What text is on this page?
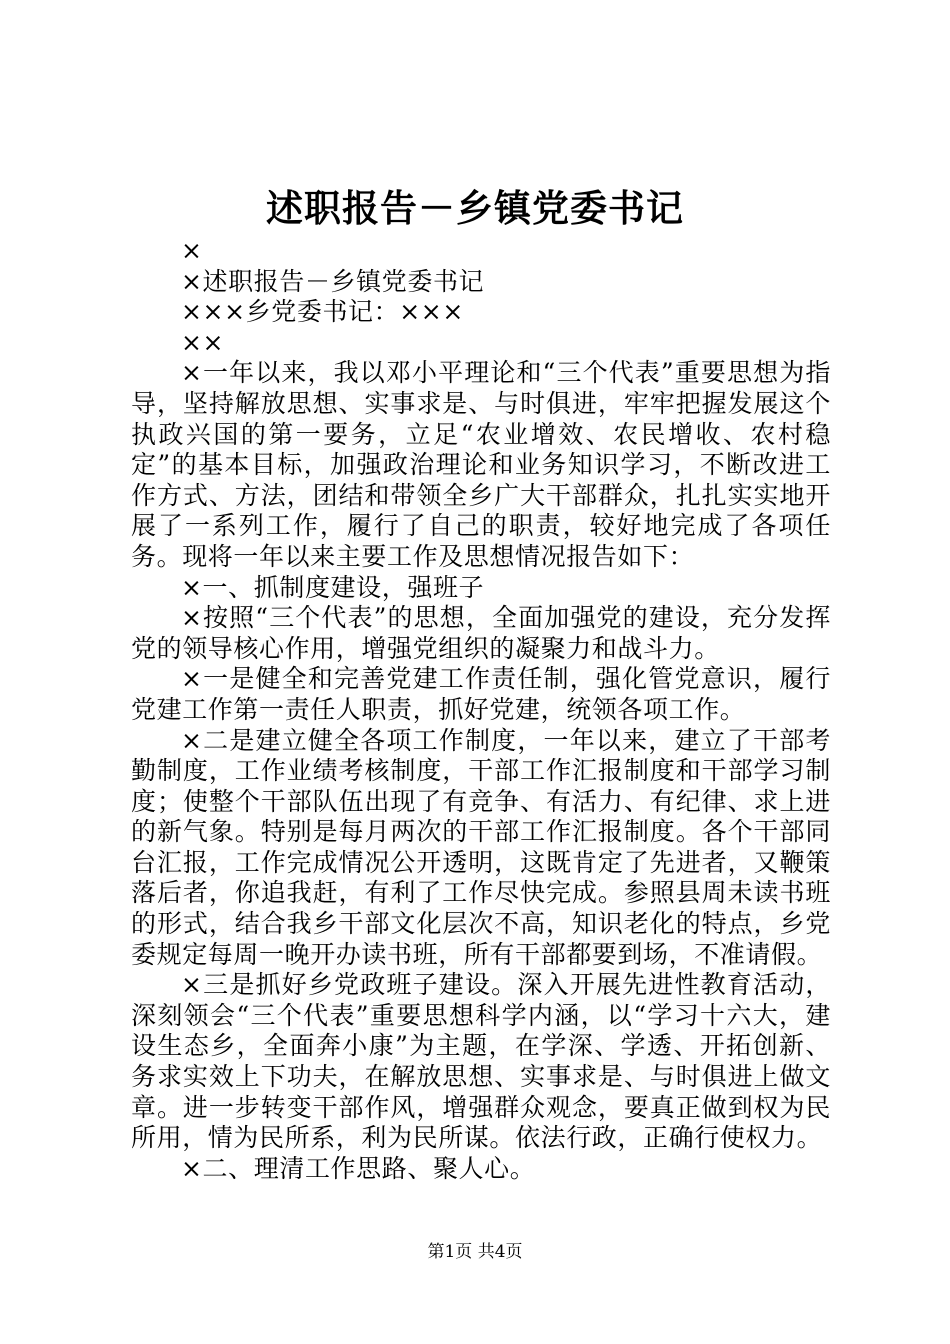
述职报告－乡镇党委书记

×

×述职报告－乡镇党委书记

×××乡党委书记：×××

××

×一年以来，我以邓小平理论和“三个代表”重要思想为指导，坚持解放思想、实事求是、与时俱进，牢牢把握发展这个执政兴国的第一要务，立足“农业增效、农民增收、农村稳定”的基本目标，加强政治理论和业务知识学习，不断改进工作方式、方法，团结和带领全乡广大干部群众，扎扎实实地开展了一系列工作，履行了自己的职责，较好地完成了各项任务。现将一年以来主要工作及思想情况报告如下：

×一、抓制度建设，强班子

×按照“三个代表”的思想，全面加强党的建设，充分发挥党的领导核心作用，增强党组织的凝聚力和战斗力。

×一是健全和完善党建工作责任制，强化管党意识，履行党建工作第一责任人职责，抓好党建，统领各项工作。

×二是建立健全各项工作制度，一年以来，建立了干部考勤制度，工作业绩考核制度，干部工作汇报制度和干部学习制度；使整个干部队伍出现了有竞争、有活力、有纪律、求上进的新气象。特别是每月两次的干部工作汇报制度。各个干部同台汇报，工作完成情况公开透明，这既肯定了先进者，又鞭策落后者，你追我赶，有利了工作尽快完成。参照县周未读书班的形式，结合我乡干部文化层次不高，知识老化的特点，乡党委规定每周一晚开办读书班，所有干部都要到场，不准请假。

×三是抓好乡党政班子建设。深入开展先进性教育活动，深刻领会“三个代表”重要思想科学内涵，以“学习十六大，建设生态乡，全面奔小康”为主题，在学深、学透、开拓创新、务求实效上下功夫，在解放思想、实事求是、与时俱进上做文章。进一步转变干部作风，增强群众观念，要真正做到权为民所用，情为民所系，利为民所谋。依法行政，正确行使权力。

×二、理清工作思路、聚人心。

第1页 共4页
